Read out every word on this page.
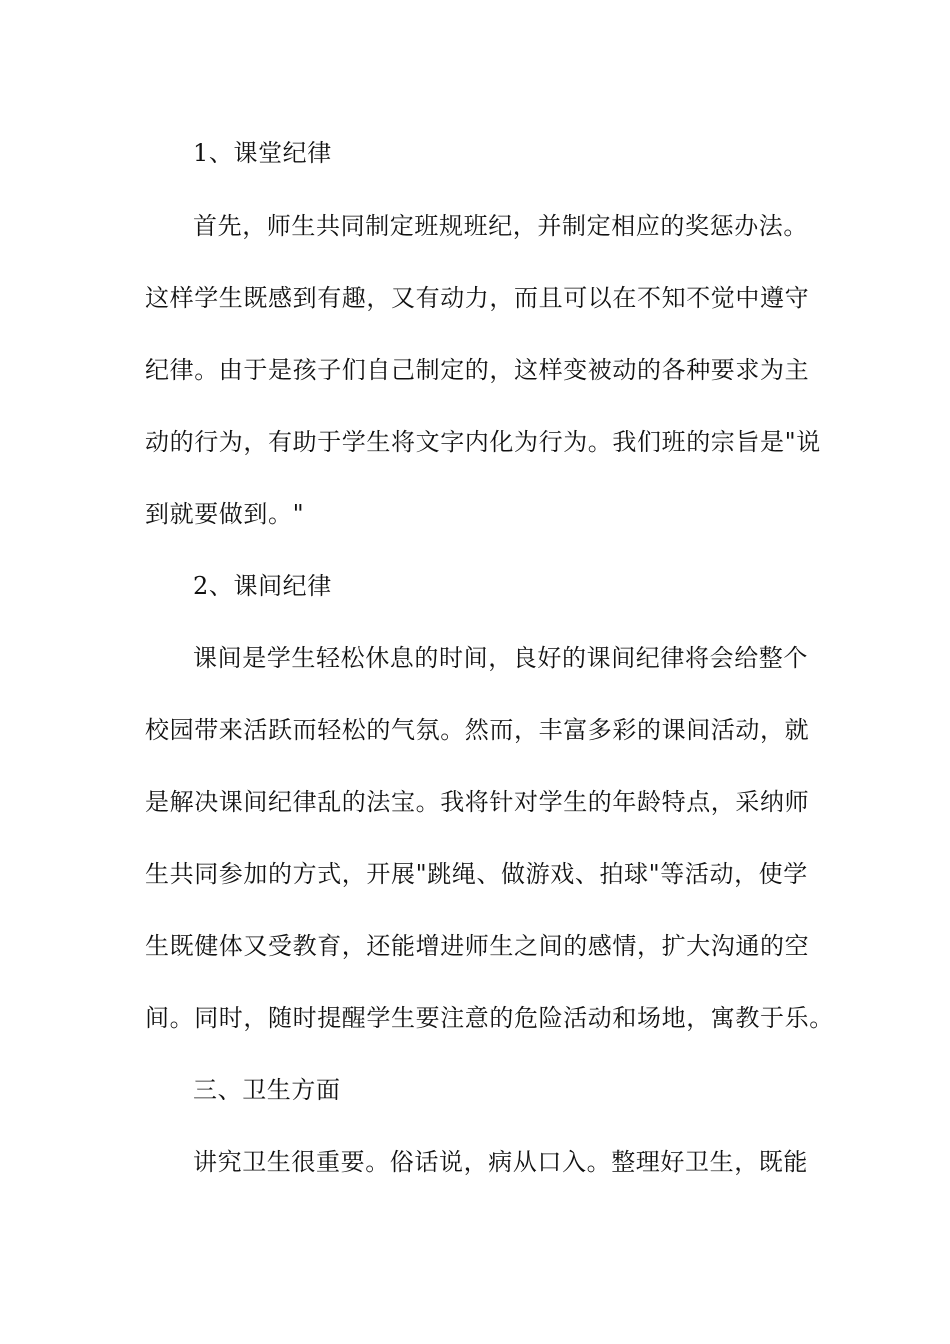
1、课堂纪律
首先，师生共同制定班规班纪，并制定相应的奖惩办法。
这样学生既感到有趣，又有动力，而且可以在不知不觉中遵守
纪律。由于是孩子们自己制定的，这样变被动的各种要求为主
动的行为，有助于学生将文字内化为行为。我们班的宗旨是"说
到就要做到。"
2、课间纪律
课间是学生轻松休息的时间，良好的课间纪律将会给整个
校园带来活跃而轻松的气氛。然而，丰富多彩的课间活动，就
是解决课间纪律乱的法宝。我将针对学生的年龄特点，采纳师
生共同参加的方式，开展"跳绳、做游戏、拍球"等活动，使学
生既健体又受教育，还能增进师生之间的感情，扩大沟通的空
间。同时，随时提醒学生要注意的危险活动和场地，寓教于乐。
三、卫生方面
讲究卫生很重要。俗话说，病从口入。整理好卫生，既能
